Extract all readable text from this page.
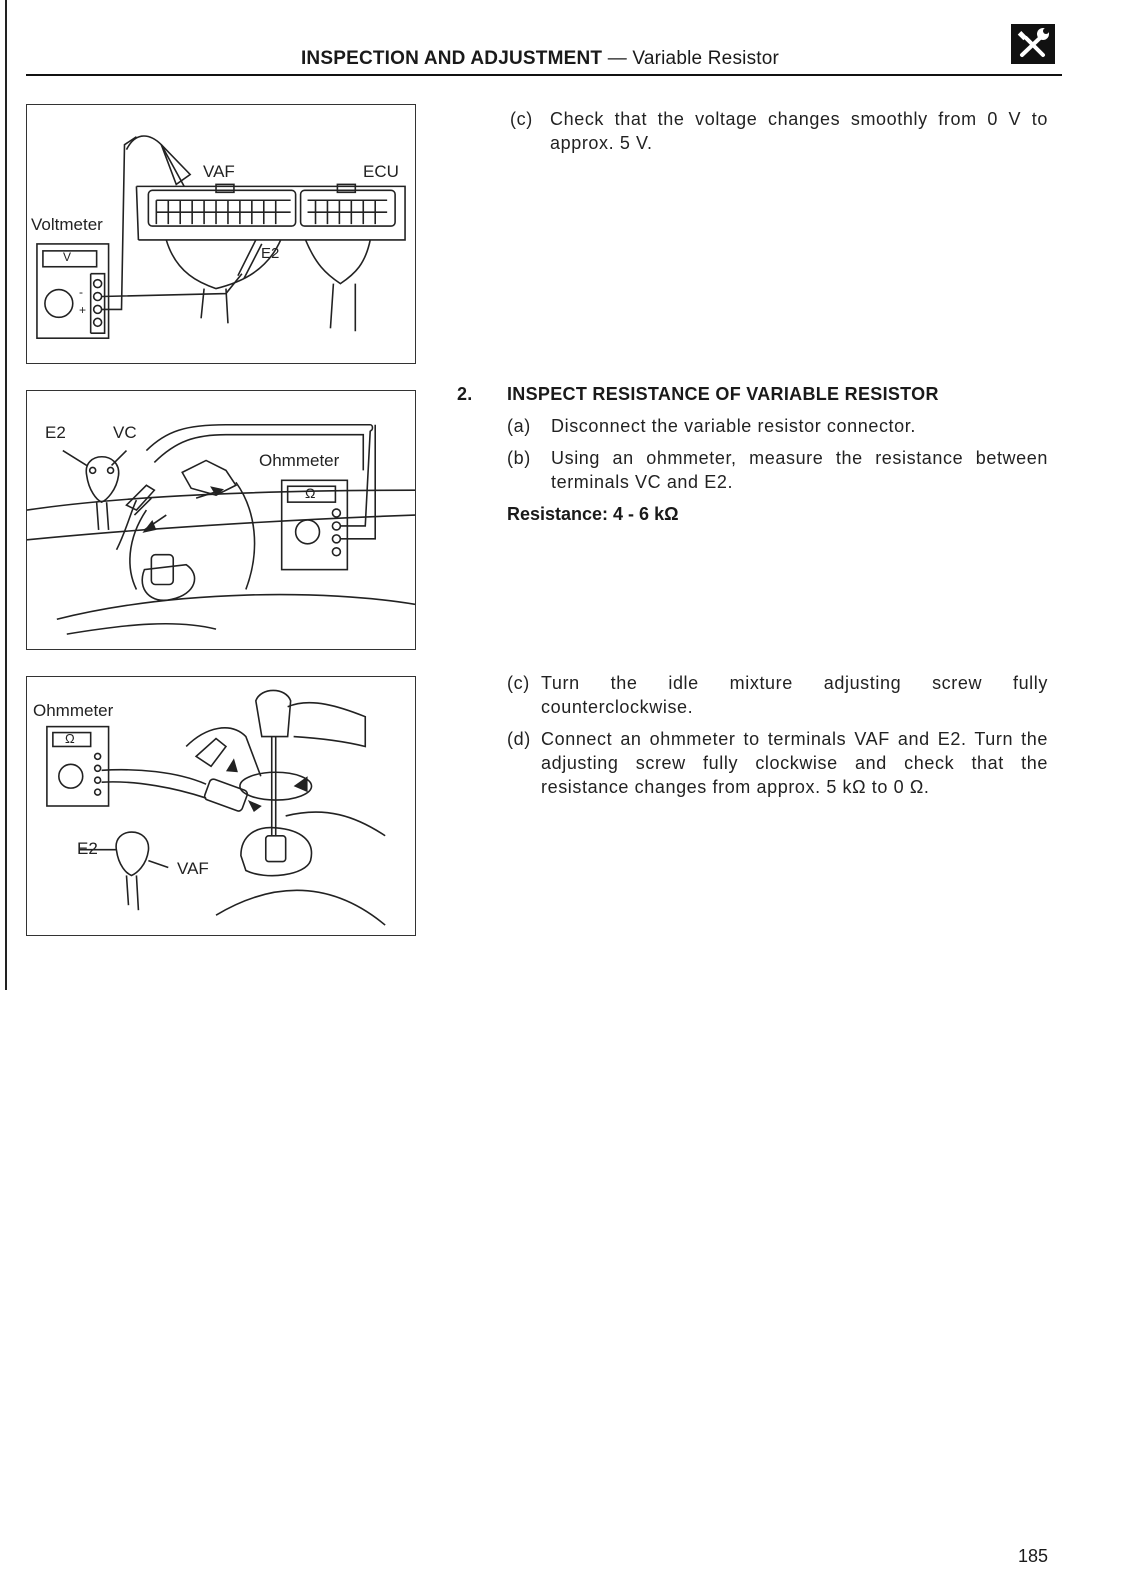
INSPECTION AND ADJUSTMENT — Variable Resistor
VAF	ECU
Voltmeter
V	E2
-
+
E2	VC
Ohmmeter
Ω
Ohmmeter
Ω
E2
VAF
(c) Check that the voltage changes smoothly from 0 V to approx. 5 V.
2. INSPECT RESISTANCE OF VARIABLE RESISTOR
(a) Disconnect the variable resistor connector.
(b) Using an ohmmeter, measure the resistance between terminals VC and E2.
Resistance: 4 - 6 kΩ
(c) Turn the idle mixture adjusting screw fully counterclockwise.
(d) Connect an ohmmeter to terminals VAF and E2. Turn the adjusting screw fully clockwise and check that the resistance changes from approx. 5 kΩ to 0 Ω.
185
